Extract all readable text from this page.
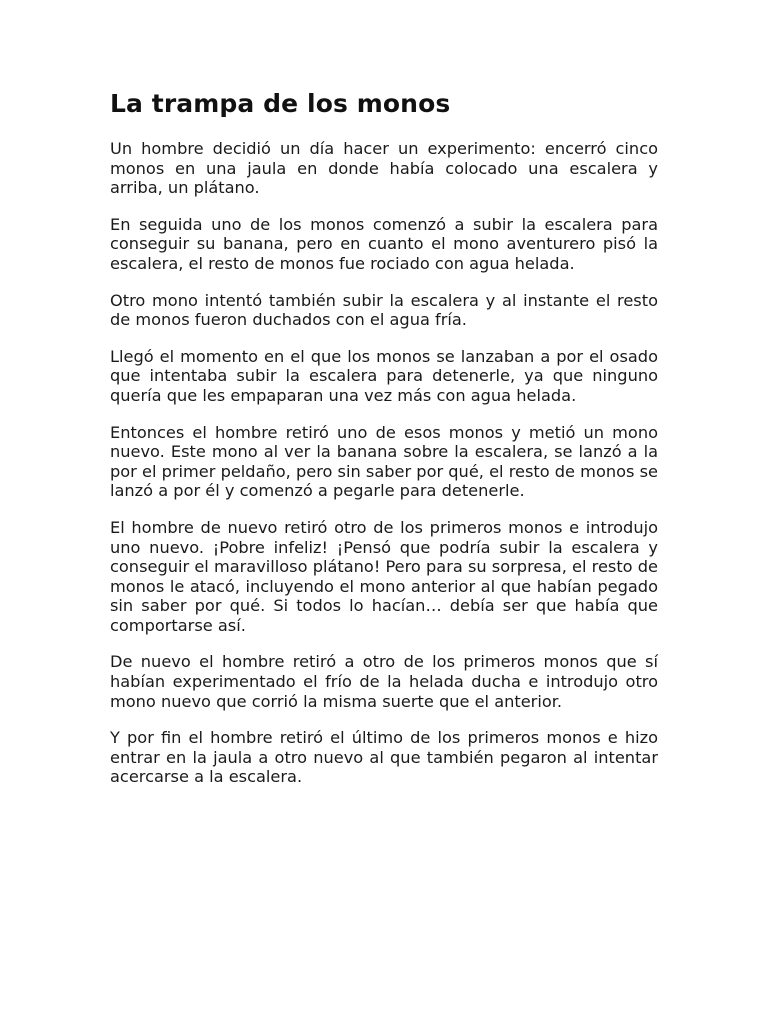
La trampa de los monos

Un hombre decidió un día hacer un experimento: encerró cinco monos en una jaula en donde había colocado una escalera y arriba, un plátano.

En seguida uno de los monos comenzó a subir la escalera para conseguir su banana, pero en cuanto el mono aventurero pisó la escalera, el resto de monos fue rociado con agua helada.

Otro mono intentó también subir la escalera y al instante el resto de monos fueron duchados con el agua fría.

Llegó el momento en el que los monos se lanzaban a por el osado que intentaba subir la escalera para detenerle, ya que ninguno quería que les empaparan una vez más con agua helada.

Entonces el hombre retiró uno de esos monos y metió un mono nuevo. Este mono al ver la banana sobre la escalera, se lanzó a la por el primer peldaño, pero sin saber por qué, el resto de monos se lanzó a por él y comenzó a pegarle para detenerle.

El hombre de nuevo retiró otro de los primeros monos e introdujo uno nuevo. ¡Pobre infeliz! ¡Pensó que podría subir la escalera y conseguir el maravilloso plátano! Pero para su sorpresa, el resto de monos le atacó, incluyendo el mono anterior al que habían pegado sin saber por qué. Si todos lo hacían… debía ser que había que comportarse así.

De nuevo el hombre retiró a otro de los primeros monos que sí habían experimentado el frío de la helada ducha e introdujo otro mono nuevo que corrió la misma suerte que el anterior.

Y por fin el hombre retiró el último de los primeros monos e hizo entrar en la jaula a otro nuevo al que también pegaron al intentar acercarse a la escalera.
